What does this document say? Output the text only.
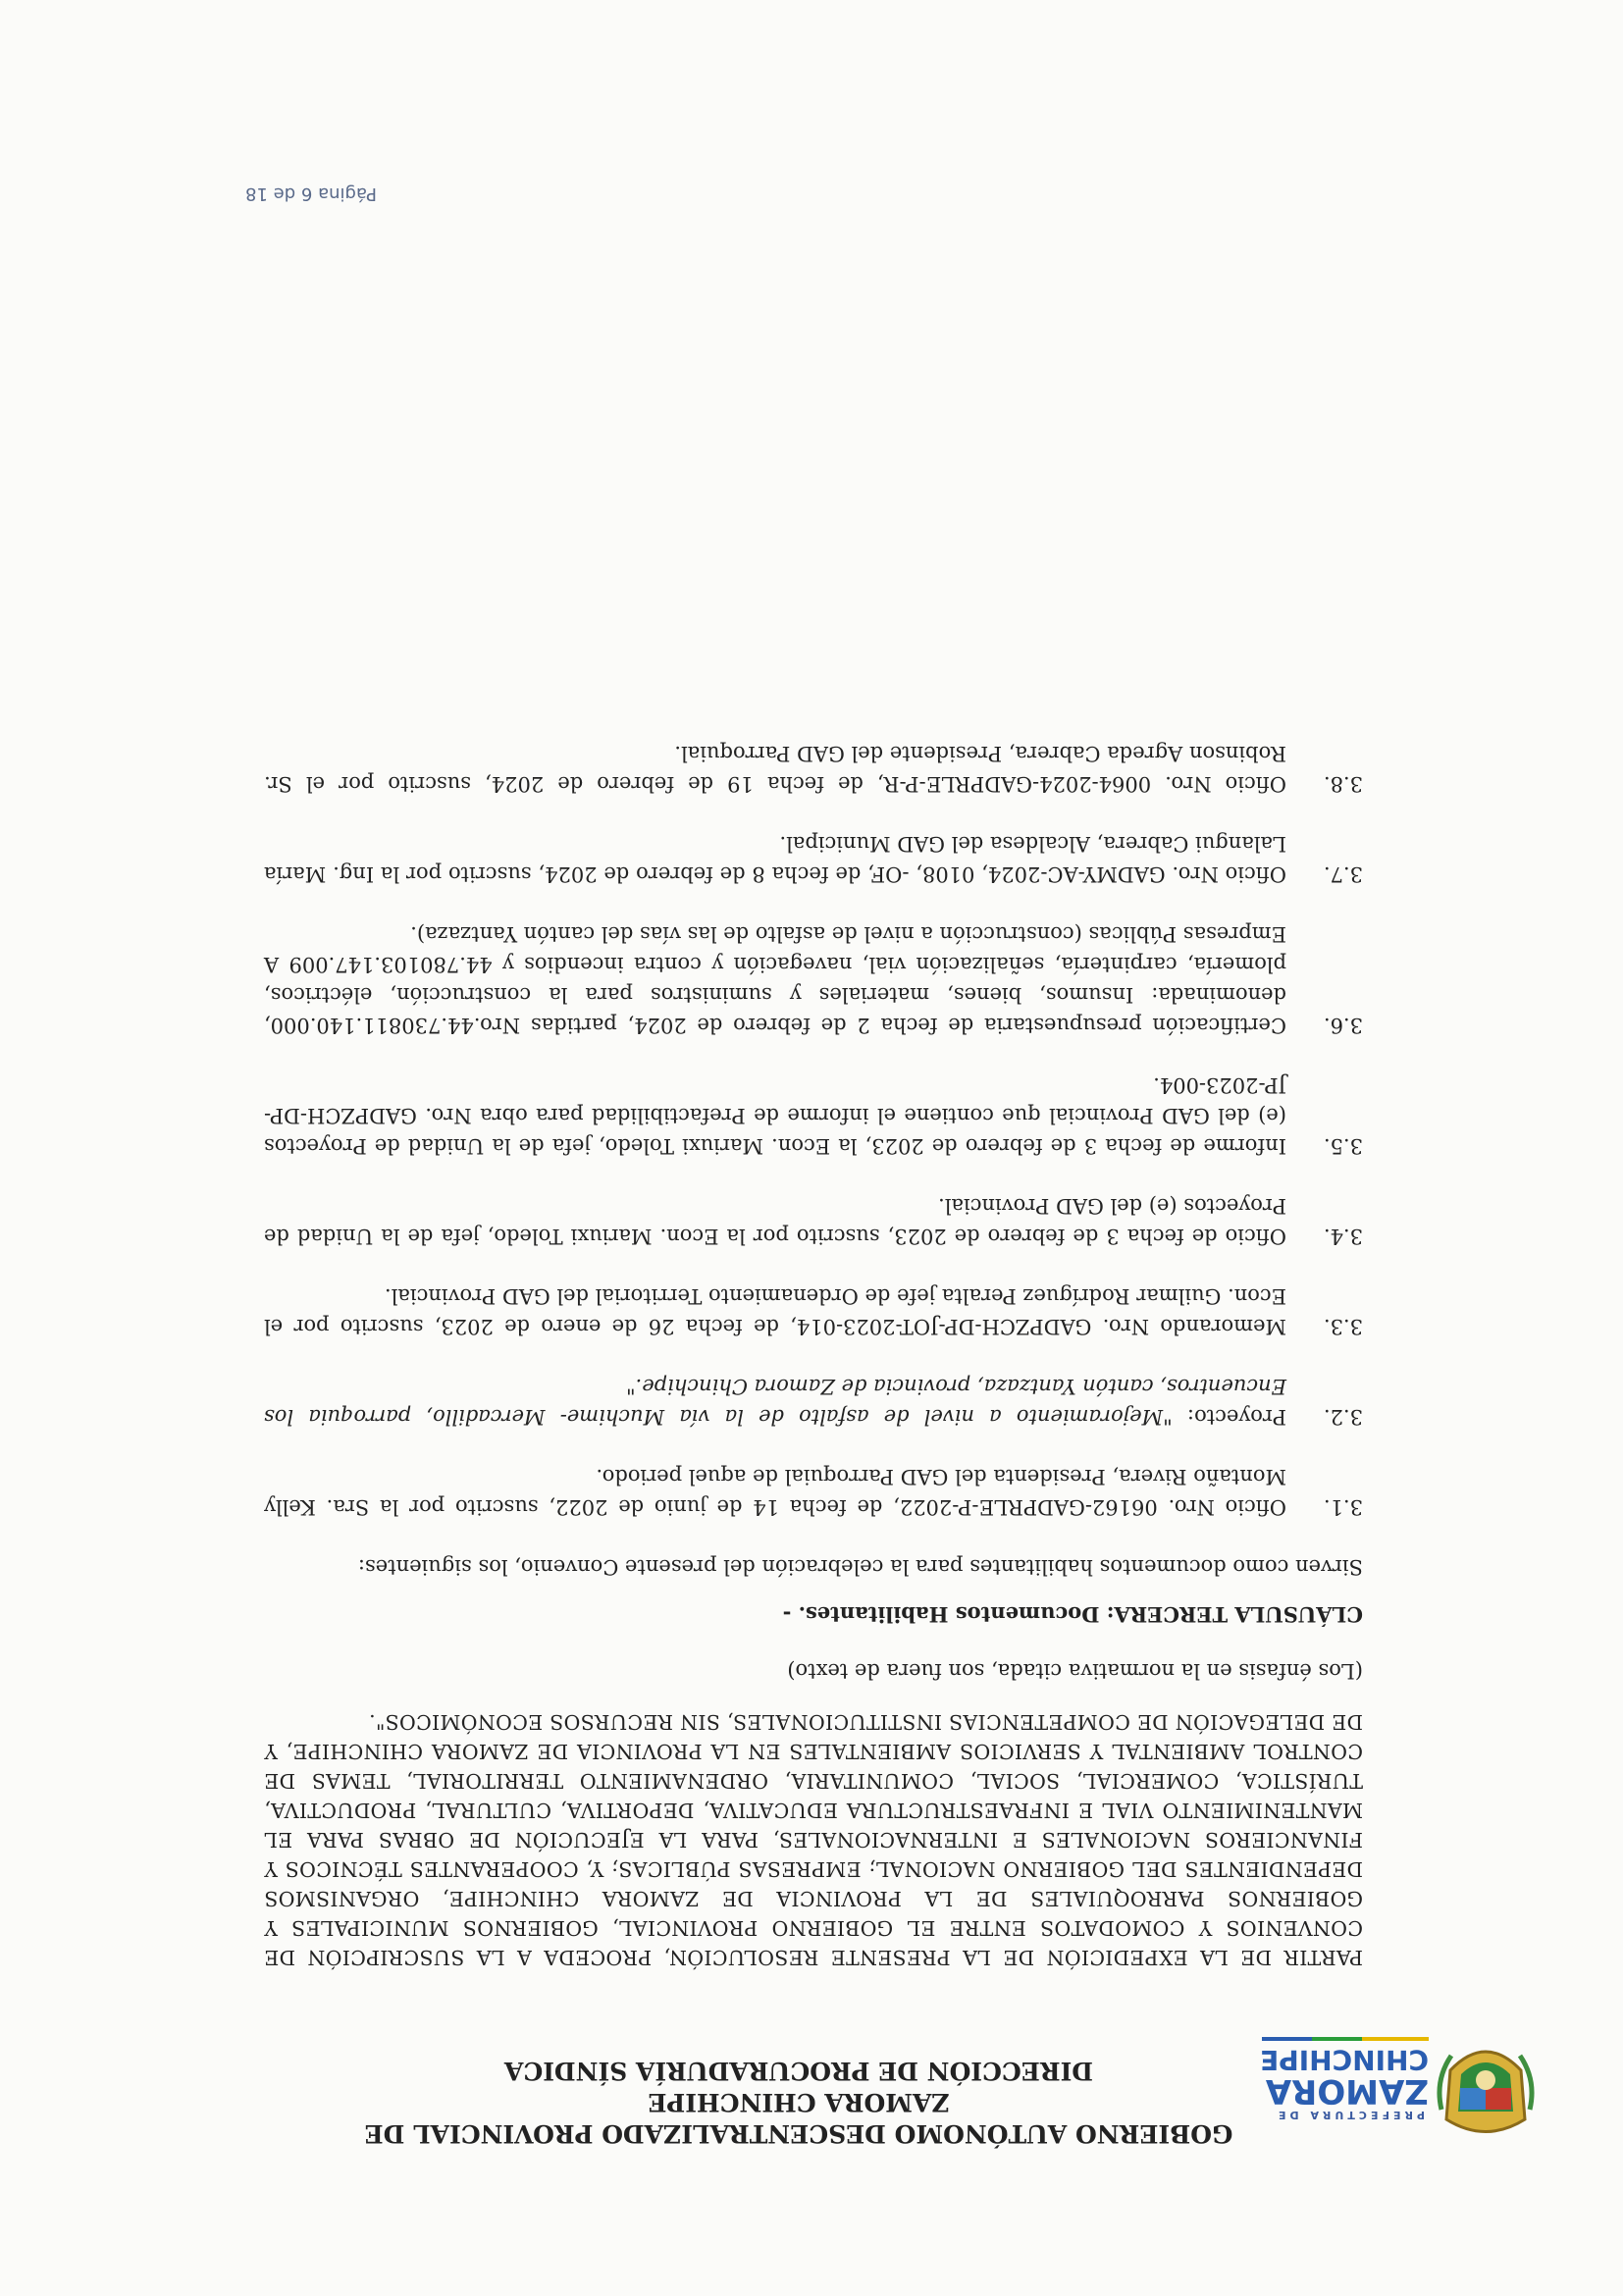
PREFECTURA DE
ZAMORA
CHINCHIPE
GOBIERNO AUTÓNOMO DESCENTRALIZADO PROVINCIAL DE
ZAMORA CHINCHIPE
DIRECCIÓN DE PROCURADURÍA SÍNDICA

PARTIR DE LA EXPEDICIÓN DE LA PRESENTE RESOLUCIÓN, PROCEDA A LA SUSCRIPCIÓN DE CONVENIOS Y COMODATOS ENTRE EL GOBIERNO PROVINCIAL, GOBIERNOS MUNICIPALES Y GOBIERNOS PARROQUIALES DE LA PROVINCIA DE ZAMORA CHINCHIPE, ORGANISMOS DEPENDIENTES DEL GOBIERNO NACIONAL; EMPRESAS PÚBLICAS; Y, COOPERANTES TÉCNICOS Y FINANCIEROS NACIONALES E INTERNACIONALES, PARA LA EJECUCIÓN DE OBRAS PARA EL MANTENIMIENTO VIAL E INFRAESTRUCTURA EDUCATIVA, DEPORTIVA, CULTURAL, PRODUCTIVA, TURÍSTICA, COMERCIAL, SOCIAL, COMUNITARIA, ORDENAMIENTO TERRITORIAL, TEMAS DE CONTROL AMBIENTAL Y SERVICIOS AMBIENTALES EN LA PROVINCIA DE ZAMORA CHINCHIPE, Y DE DELEGACIÓN DE COMPETENCIAS INSTITUCIONALES, SIN RECURSOS ECONÓMICOS".

(Los énfasis en la normativa citada, son fuera de texto)

CLÁUSULA TERCERA: Documentos Habilitantes. -

Sirven como documentos habilitantes para la celebración del presente Convenio, los siguientes:

3.1.
Oficio Nro. 06162-GADPRLE-P-2022, de fecha 14 de junio de 2022, suscrito por la Sra. Kelly Montaño Rivera, Presidenta del GAD Parroquial de aquel periodo.
3.2.
Proyecto: "Mejoramiento a nivel de asfalto de la vía Muchime- Mercadillo, parroquia los Encuentros, cantón Yantzaza, provincia de Zamora Chinchipe."
3.3.
Memorando Nro. GADPZCH-DP-JOT-2023-014, de fecha 26 de enero de 2023, suscrito por el Econ. Guilmar Rodríguez Peralta jefe de Ordenamiento Territorial del GAD Provincial.
3.4.
Oficio de fecha 3 de febrero de 2023, suscrito por la Econ. Mariuxi Toledo, jefa de la Unidad de Proyectos (e) del GAD Provincial.
3.5.
Informe de fecha 3 de febrero de 2023, la Econ. Mariuxi Toledo, jefa de la Unidad de Proyectos (e) del GAD Provincial que contiene el informe de Prefactibilidad para obra Nro. GADPZCH-DP-JP-2023-004.
3.6.
Certificación presupuestaria de fecha 2 de febrero de 2024, partidas Nro.44.730811.140.000, denominada: Insumos, bienes, materiales y suministros para la construcción, eléctricos, plomería, carpintería, señalización vial, navegación y contra incendios y 44.780103.147.009 A Empresas Públicas (construcción a nivel de asfalto de las vías del cantón Yantzaza).
3.7.
Oficio Nro. GADMY-AC-2024, 0108, -OF, de fecha 8 de febrero de 2024, suscrito por la Ing. María Lalangui Cabrera, Alcaldesa del GAD Municipal.
3.8.
Oficio Nro. 0064-2024-GADPRLE-P-R, de fecha 19 de febrero de 2024, suscrito por el Sr. Robinson Agreda Cabrera, Presidente del GAD Parroquial.
Página 6 de 18
